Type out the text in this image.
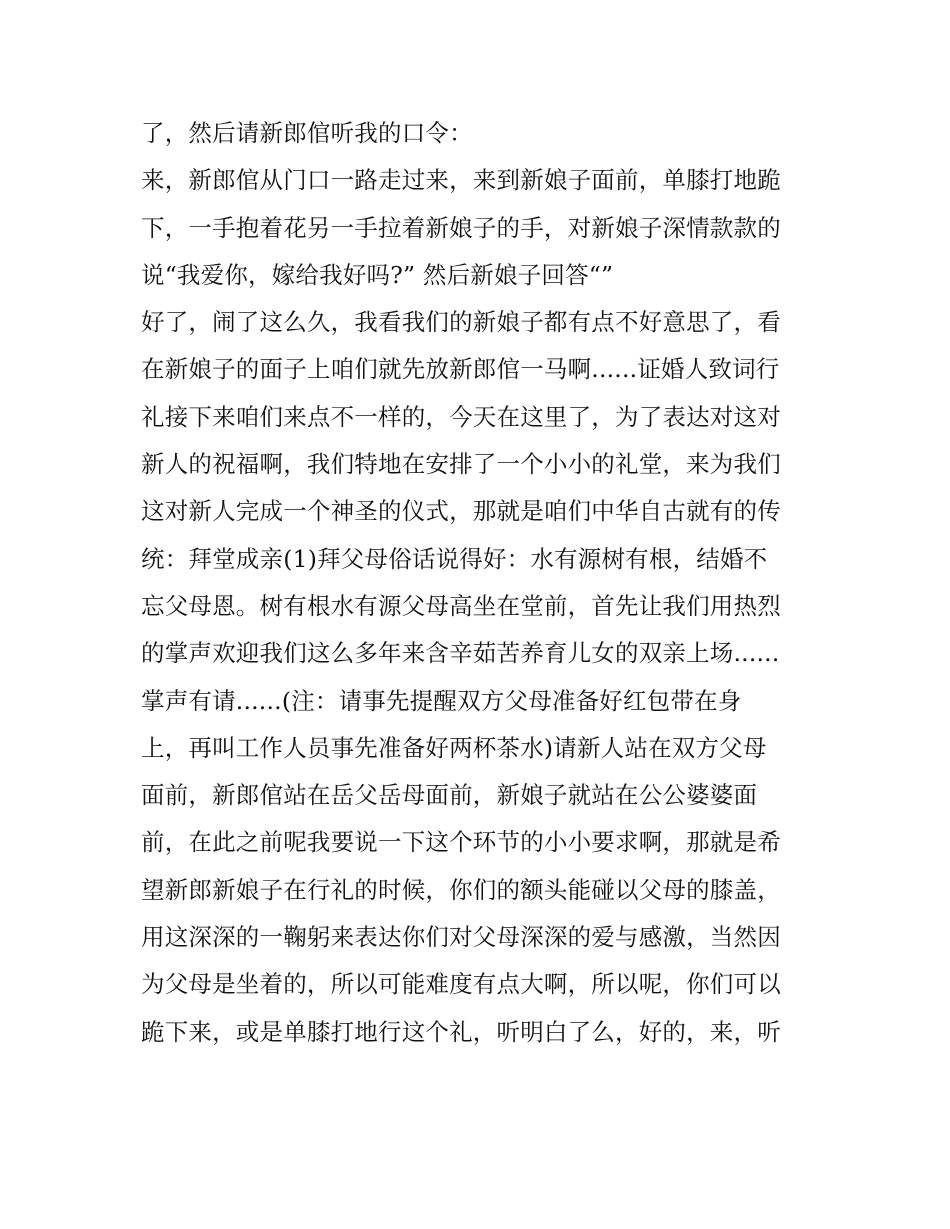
了，然后请新郎倌听我的口令：
来，新郎倌从门口一路走过来，来到新娘子面前，单膝打地跪
下，一手抱着花另一手拉着新娘子的手，对新娘子深情款款的
说“我爱你，嫁给我好吗?” 然后新娘子回答“”
好了，闹了这么久，我看我们的新娘子都有点不好意思了，看
在新娘子的面子上咱们就先放新郎倌一马啊......证婚人致词行
礼接下来咱们来点不一样的，今天在这里了，为了表达对这对
新人的祝福啊，我们特地在安排了一个小小的礼堂，来为我们
这对新人完成一个神圣的仪式，那就是咱们中华自古就有的传
统：拜堂成亲(1)拜父母俗话说得好：水有源树有根，结婚不
忘父母恩。树有根水有源父母高坐在堂前，首先让我们用热烈
的掌声欢迎我们这么多年来含辛茹苦养育儿女的双亲上场......
掌声有请......(注：请事先提醒双方父母准备好红包带在身
上，再叫工作人员事先准备好两杯茶水)请新人站在双方父母
面前，新郎倌站在岳父岳母面前，新娘子就站在公公婆婆面
前，在此之前呢我要说一下这个环节的小小要求啊，那就是希
望新郎新娘子在行礼的时候，你们的额头能碰以父母的膝盖，
用这深深的一鞠躬来表达你们对父母深深的爱与感激，当然因
为父母是坐着的，所以可能难度有点大啊，所以呢，你们可以
跪下来，或是单膝打地行这个礼，听明白了么，好的，来，听
